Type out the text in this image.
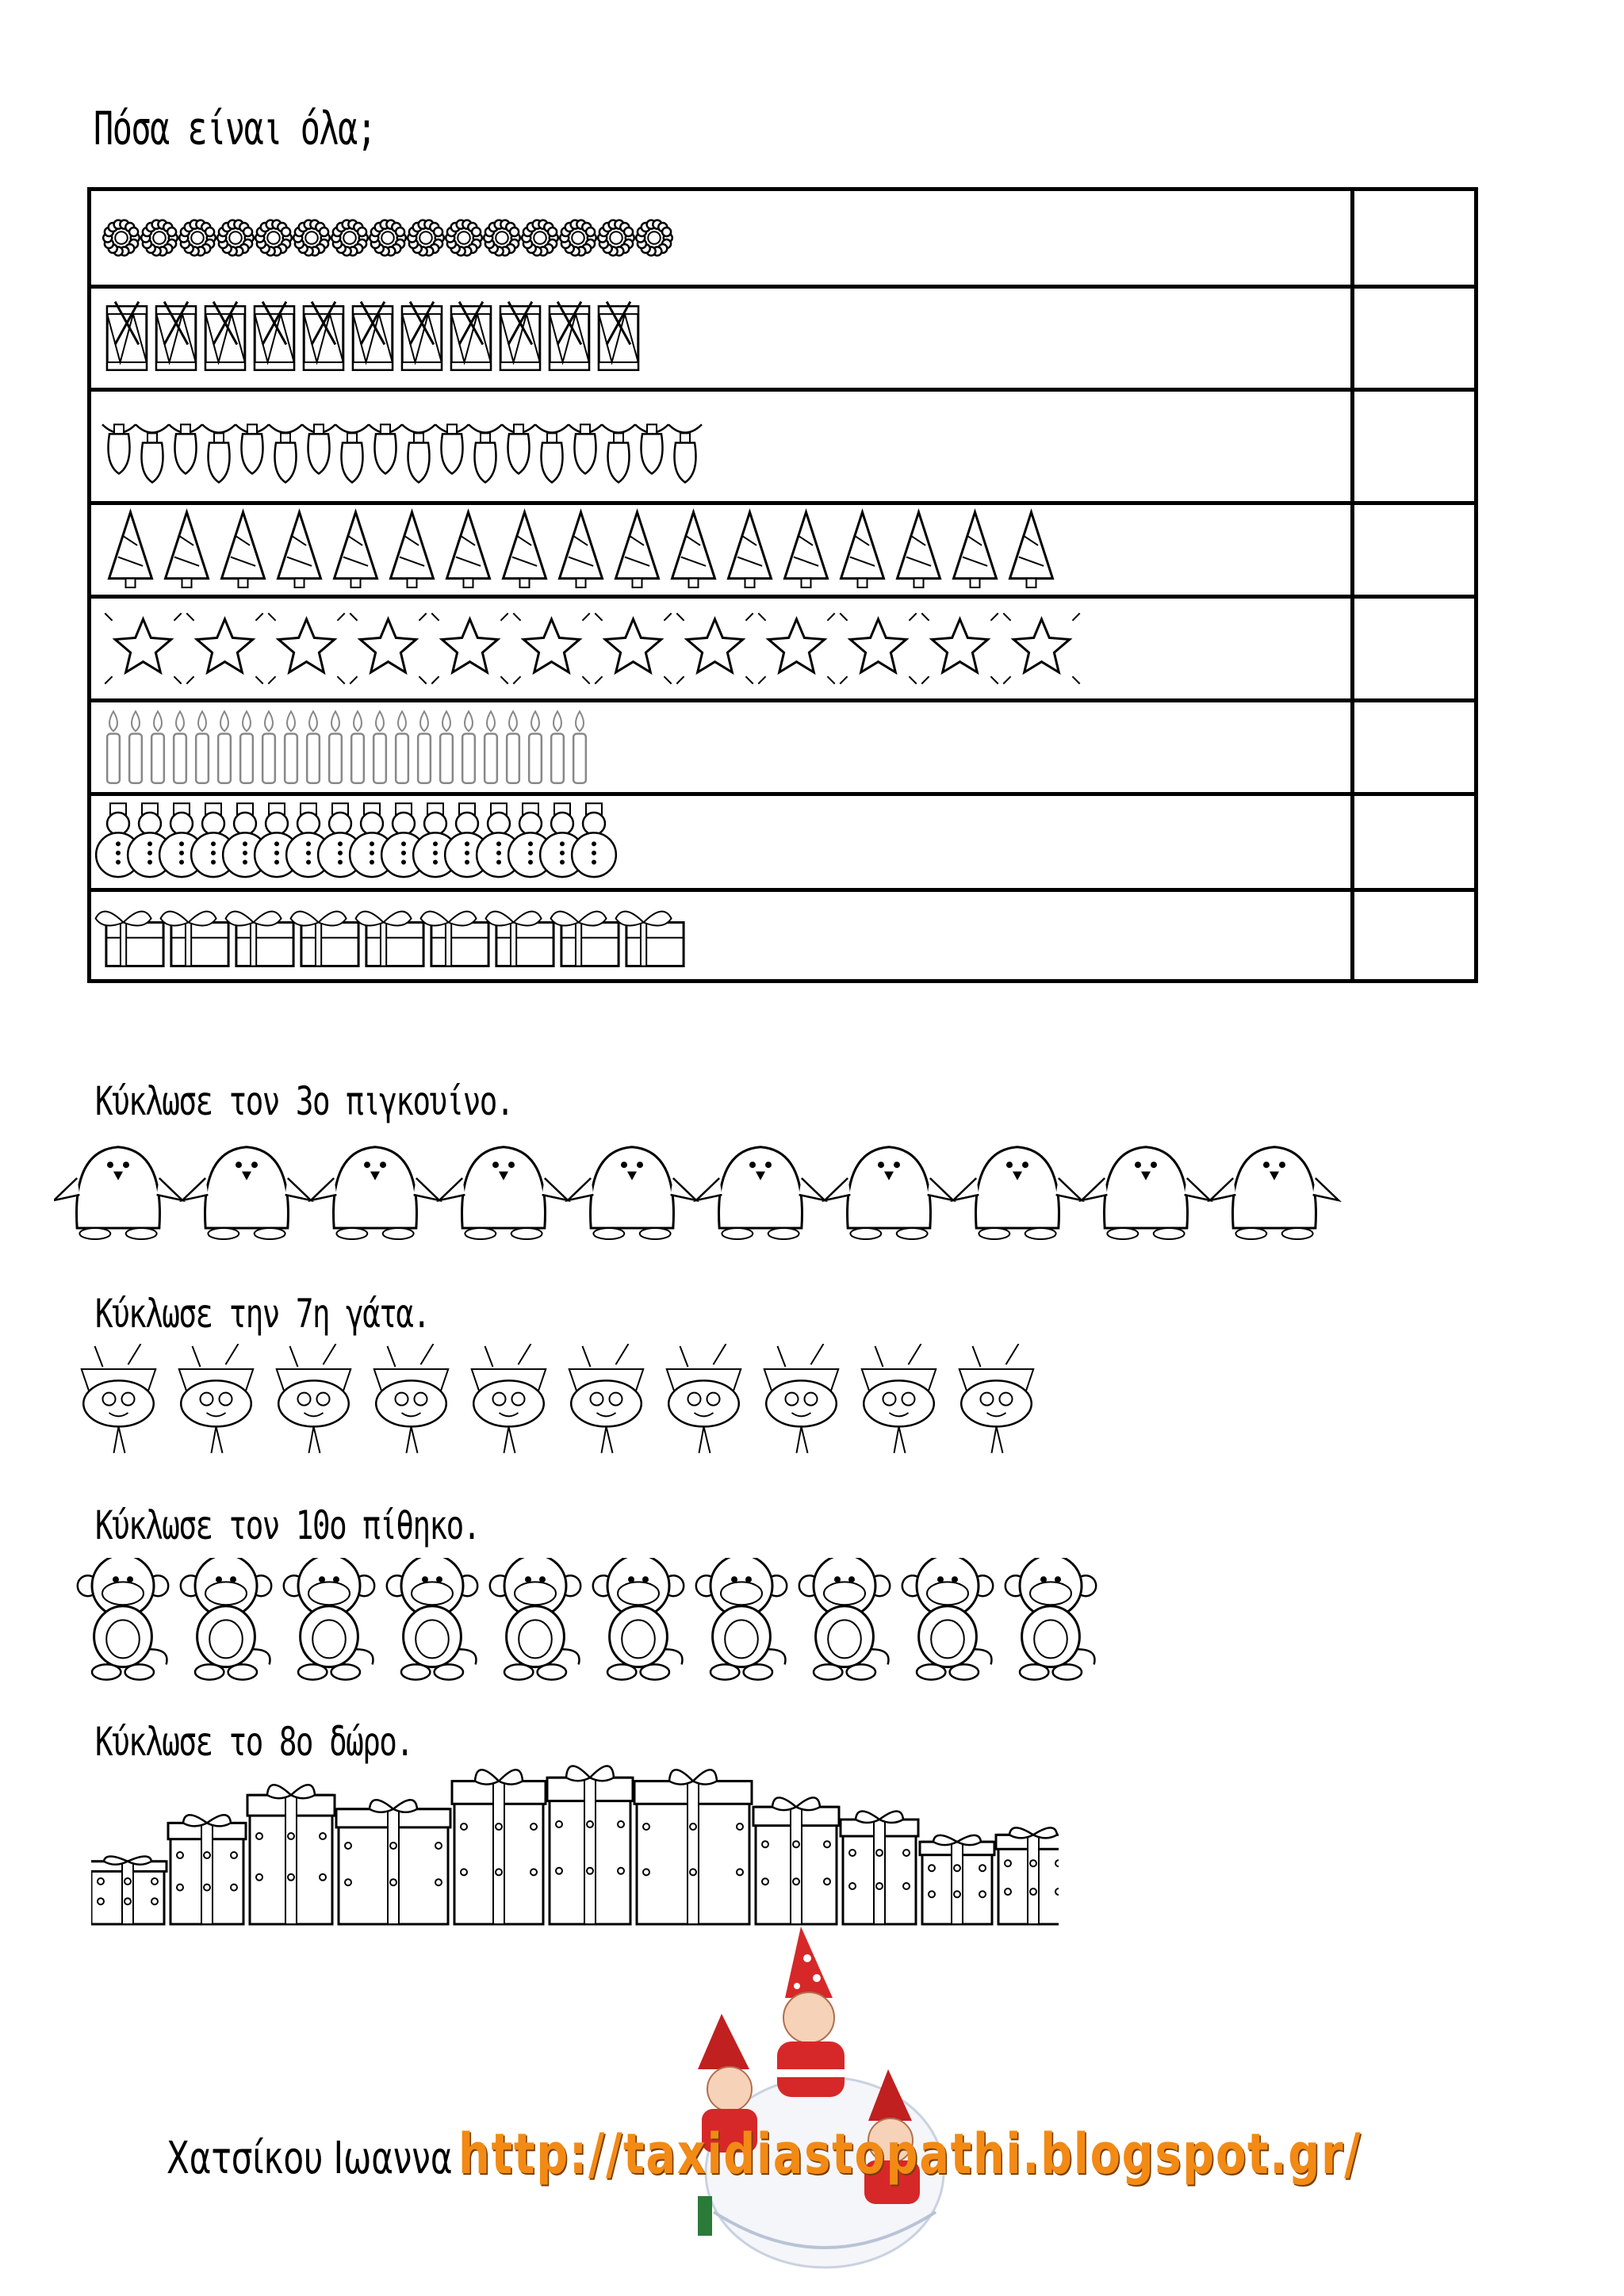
Πόσα είναι όλα;

Κύκλωσε τον 3ο πιγκουίνο.
Κύκλωσε την 7η γάτα.
Κύκλωσε τον 10ο πίθηκο.
Κύκλωσε το 8ο δώρο.
Χατσίκου Ιωαννα http://taxidiastopathi.blogspot.gr/
